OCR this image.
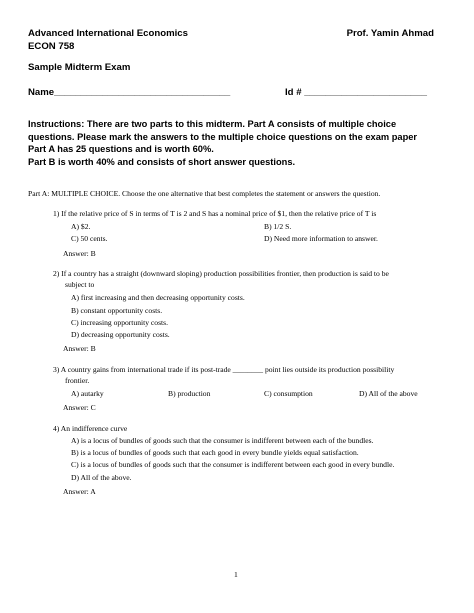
Advanced International Economics	Prof. Yamin Ahmad
ECON 758
Sample Midterm Exam
Name_________________________________	Id # _______________________
Instructions: There are two parts to this midterm. Part A consists of multiple choice
questions. Please mark the answers to the multiple choice questions on the exam paper
Part A has 25 questions and is worth 60%.
Part B is worth 40% and consists of short answer questions.
Part A: MULTIPLE CHOICE. Choose the one alternative that best completes the statement or answers the question.
1) If the relative price of S in terms of T is 2 and S has a nominal price of $1, then the relative price of T is
A) $2.	B) 1/2 S.
C) 50 cents.	D) Need more information to answer.
Answer: B
2) If a country has a straight (downward sloping) production possibilities frontier, then production is said to be
subject to
A) first increasing and then decreasing opportunity costs.
B) constant opportunity costs.
C) increasing opportunity costs.
D) decreasing opportunity costs.
Answer: B
3) A country gains from international trade if its post-trade ________ point lies outside its production possibility
frontier.
A) autarky	B) production	C) consumption	D) All of the above
Answer: C
4) An indifference curve
A) is a locus of bundles of goods such that the consumer is indifferent between each of the bundles.
B) is a locus of bundles of goods such that each good in every bundle yields equal satisfaction.
C) is a locus of bundles of goods such that the consumer is indifferent between each good in every bundle.
D) All of the above.
Answer: A
1
